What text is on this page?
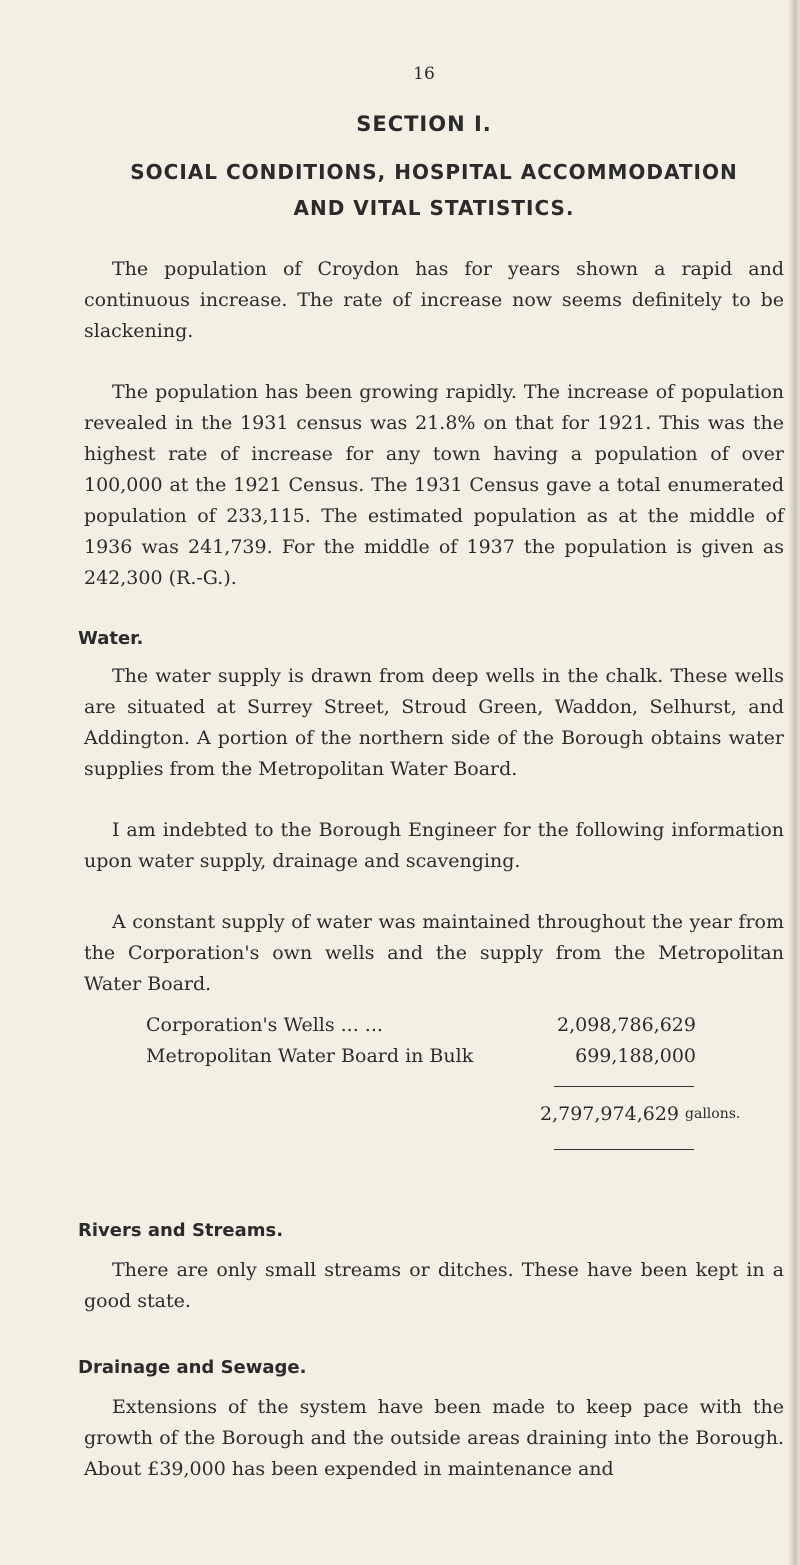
16
SECTION I.
SOCIAL CONDITIONS, HOSPITAL ACCOMMODATION
AND VITAL STATISTICS.

The population of Croydon has for years shown a rapid and continuous increase. The rate of increase now seems definitely to be slackening.

The population has been growing rapidly. The increase of population revealed in the 1931 census was 21.8% on that for 1921. This was the highest rate of increase for any town having a population of over 100,000 at the 1921 Census. The 1931 Census gave a total enumerated population of 233,115. The estimated population as at the middle of 1936 was 241,739. For the middle of 1937 the population is given as 242,300 (R.-G.).

Water.

The water supply is drawn from deep wells in the chalk. These wells are situated at Surrey Street, Stroud Green, Waddon, Selhurst, and Addington. A portion of the northern side of the Borough obtains water supplies from the Metropolitan Water Board.

I am indebted to the Borough Engineer for the following information upon water supply, drainage and scavenging.

A constant supply of water was maintained throughout the year from the Corporation's own wells and the supply from the Metropolitan Water Board.

Corporation's Wells ... ...	2,098,786,629
Metropolitan Water Board in Bulk	699,188,000
2,797,974,629 gallons.
Rivers and Streams.

There are only small streams or ditches. These have been kept in a good state.

Drainage and Sewage.

Extensions of the system have been made to keep pace with the growth of the Borough and the outside areas draining into the Borough. About £39,000 has been expended in maintenance and
